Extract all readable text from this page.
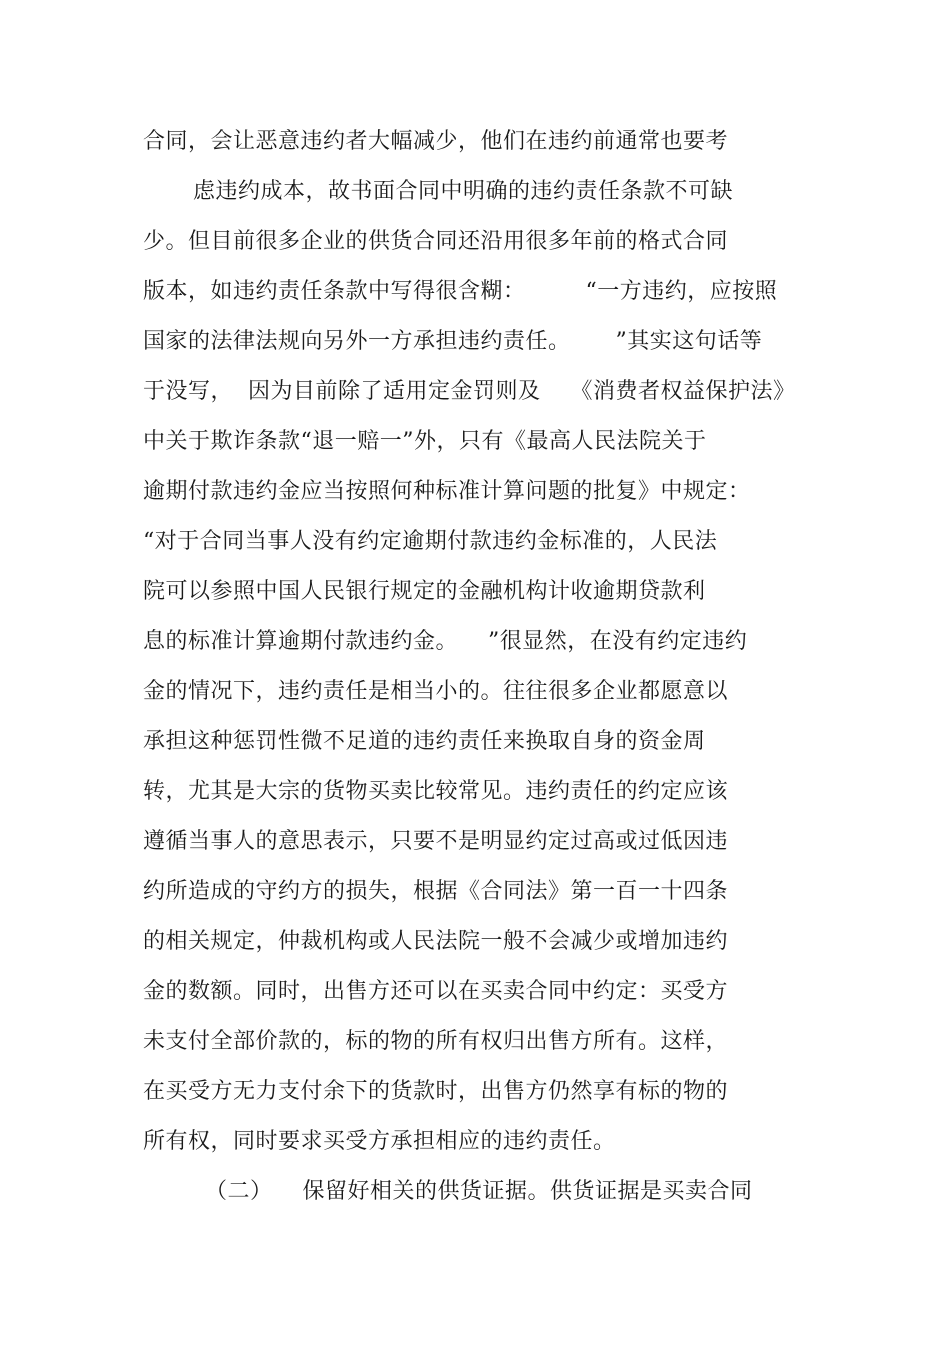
合同，会让恶意违约者大幅减少，他们在违约前通常也要考
虑违约成本，故书面合同中明确的违约责任条款不可缺
少。但目前很多企业的供货合同还沿用很多年前的格式合同
版本，如违约责任条款中写得很含糊：        “一方违约，应按照
国家的法律法规向另外一方承担违约责任。      ”其实这句话等
于没写，  因为目前除了适用定金罚则及    《消费者权益保护法》
中关于欺诈条款“退一赔一”外，只有《最高人民法院关于
逾期付款违约金应当按照何种标准计算问题的批复》中规定：
“对于合同当事人没有约定逾期付款违约金标准的，人民法
院可以参照中国人民银行规定的金融机构计收逾期贷款利
息的标准计算逾期付款违约金。    ”很显然，在没有约定违约
金的情况下，违约责任是相当小的。往往很多企业都愿意以
承担这种惩罚性微不足道的违约责任来换取自身的资金周
转，尤其是大宗的货物买卖比较常见。违约责任的约定应该
遵循当事人的意思表示，只要不是明显约定过高或过低因违
约所造成的守约方的损失，根据《合同法》第一百一十四条
的相关规定，仲裁机构或人民法院一般不会减少或增加违约
金的数额。同时，出售方还可以在买卖合同中约定：买受方
未支付全部价款的，标的物的所有权归出售方所有。这样，
在买受方无力支付余下的货款时，出售方仍然享有标的物的
所有权，同时要求买受方承担相应的违约责任。
（二）    保留好相关的供货证据。供货证据是买卖合同
